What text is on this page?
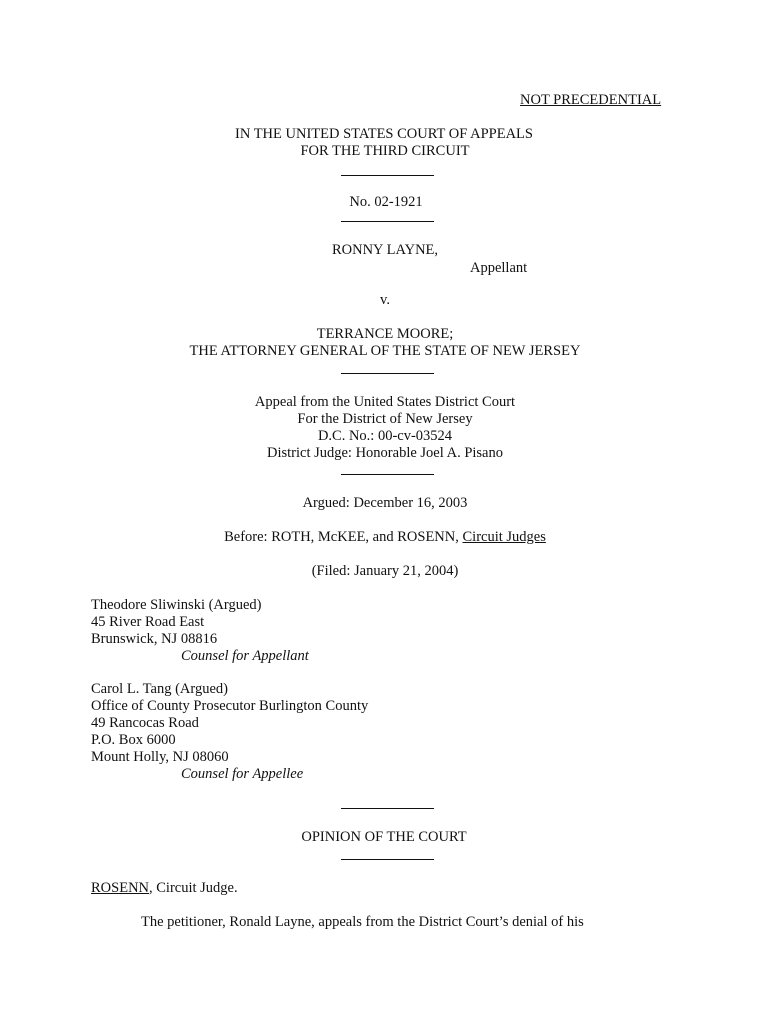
NOT PRECEDENTIAL
IN THE UNITED STATES COURT OF APPEALS
FOR THE THIRD CIRCUIT
No. 02-1921
RONNY LAYNE,
Appellant
v.
TERRANCE MOORE;
THE ATTORNEY GENERAL OF THE STATE OF NEW JERSEY
Appeal from the United States District Court
For the District of New Jersey
D.C. No.: 00-cv-03524
District Judge: Honorable Joel A. Pisano
Argued: December 16, 2003
Before: ROTH, McKEE, and ROSENN, Circuit Judges
(Filed: January 21, 2004)
Theodore Sliwinski (Argued)
45 River Road East
Brunswick, NJ 08816
Counsel for Appellant
Carol L. Tang (Argued)
Office of County Prosecutor Burlington County
49 Rancocas Road
P.O. Box 6000
Mount Holly, NJ 08060
Counsel for Appellee
OPINION OF THE COURT
ROSENN, Circuit Judge.
The petitioner, Ronald Layne, appeals from the District Court’s denial of his
